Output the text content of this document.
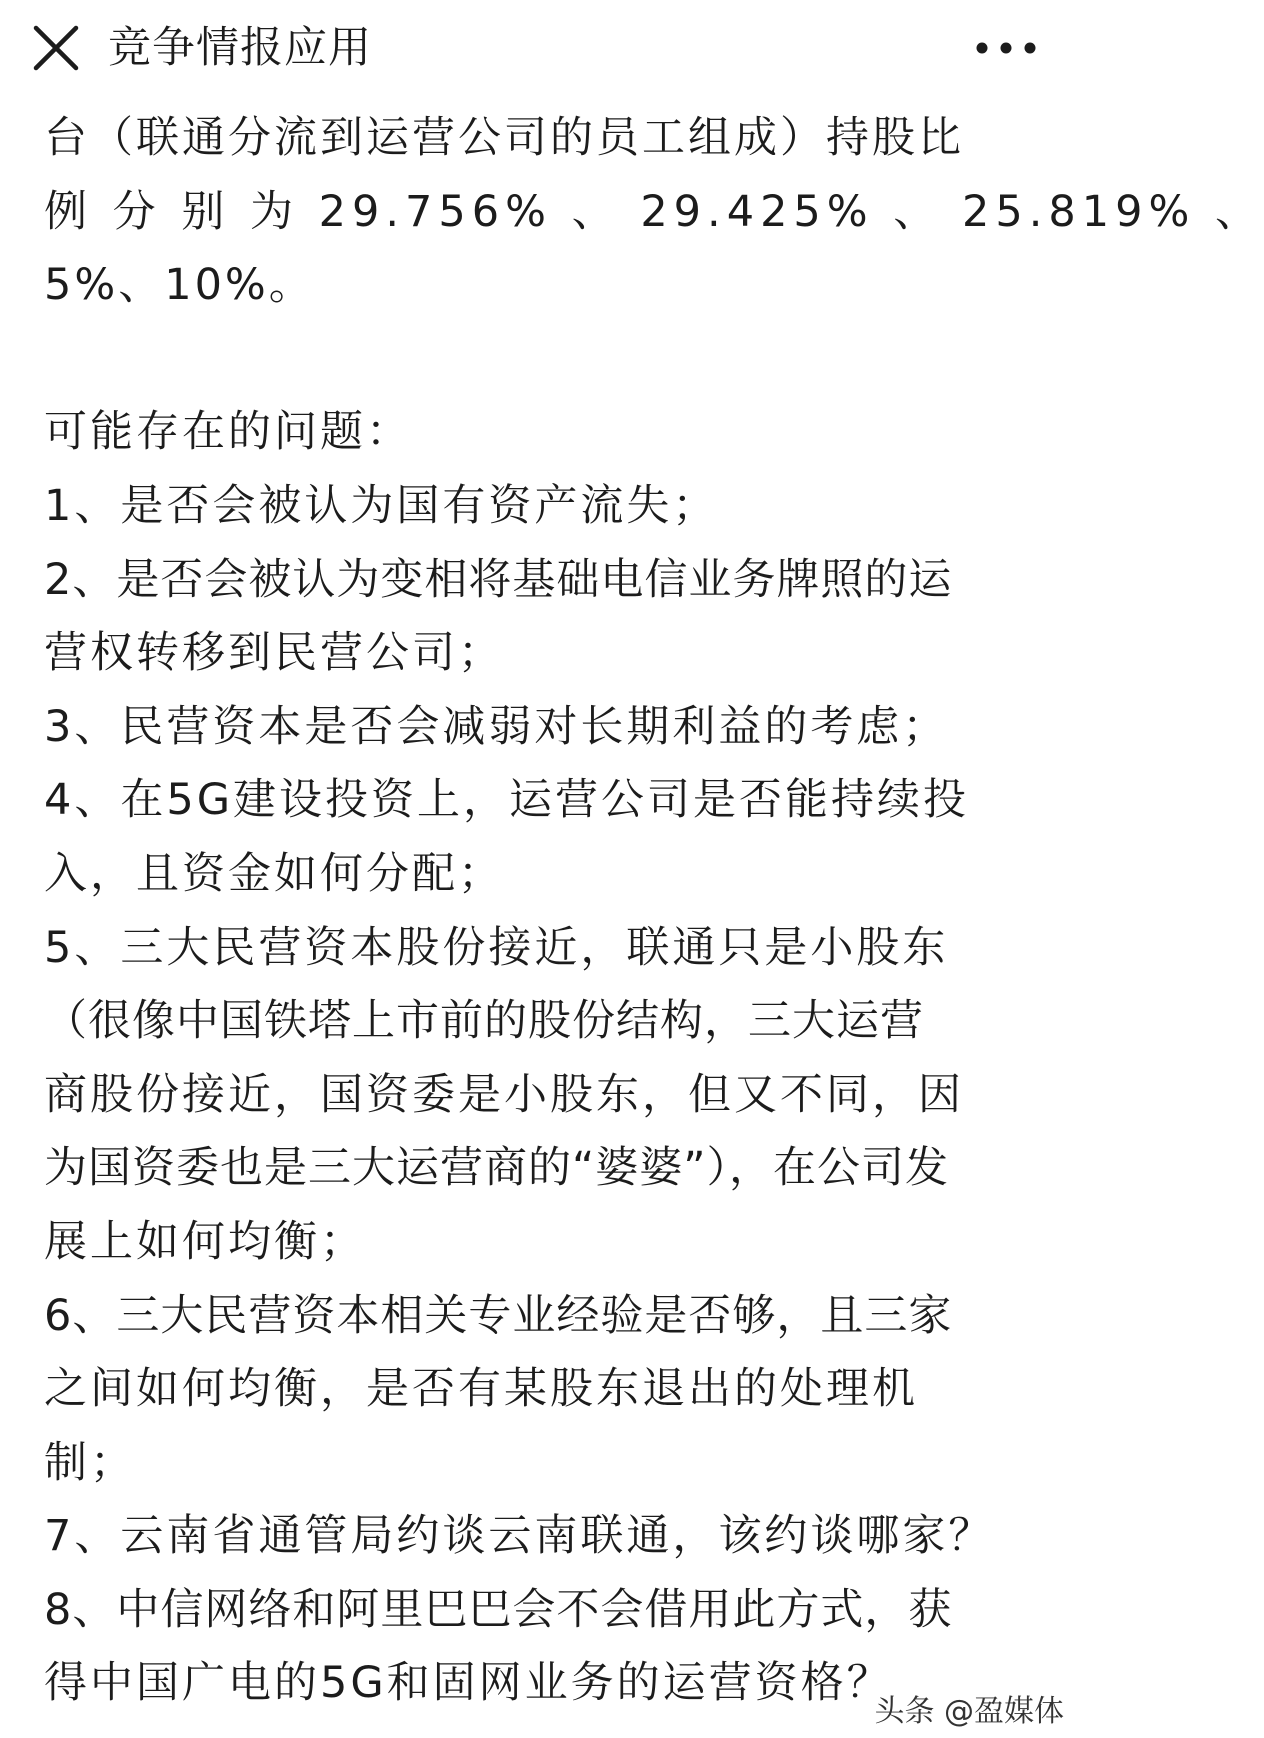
竞争情报应用
台（联通分流到运营公司的员工组成）持股比
例 分 别 为 29.756% 、 29.425% 、 25.819% 、
5%、10%。
可能存在的问题：
1、是否会被认为国有资产流失；
2、是否会被认为变相将基础电信业务牌照的运
营权转移到民营公司；
3、民营资本是否会减弱对长期利益的考虑；
4、在5G建设投资上，运营公司是否能持续投
入，且资金如何分配；
5、三大民营资本股份接近，联通只是小股东
（很像中国铁塔上市前的股份结构，三大运营
商股份接近，国资委是小股东，但又不同，因
为国资委也是三大运营商的“婆婆”），在公司发
展上如何均衡；
6、三大民营资本相关专业经验是否够，且三家
之间如何均衡，是否有某股东退出的处理机
制；
7、云南省通管局约谈云南联通，该约谈哪家？
8、中信网络和阿里巴巴会不会借用此方式，获
得中国广电的5G和固网业务的运营资格？
头条 @盈媒体
